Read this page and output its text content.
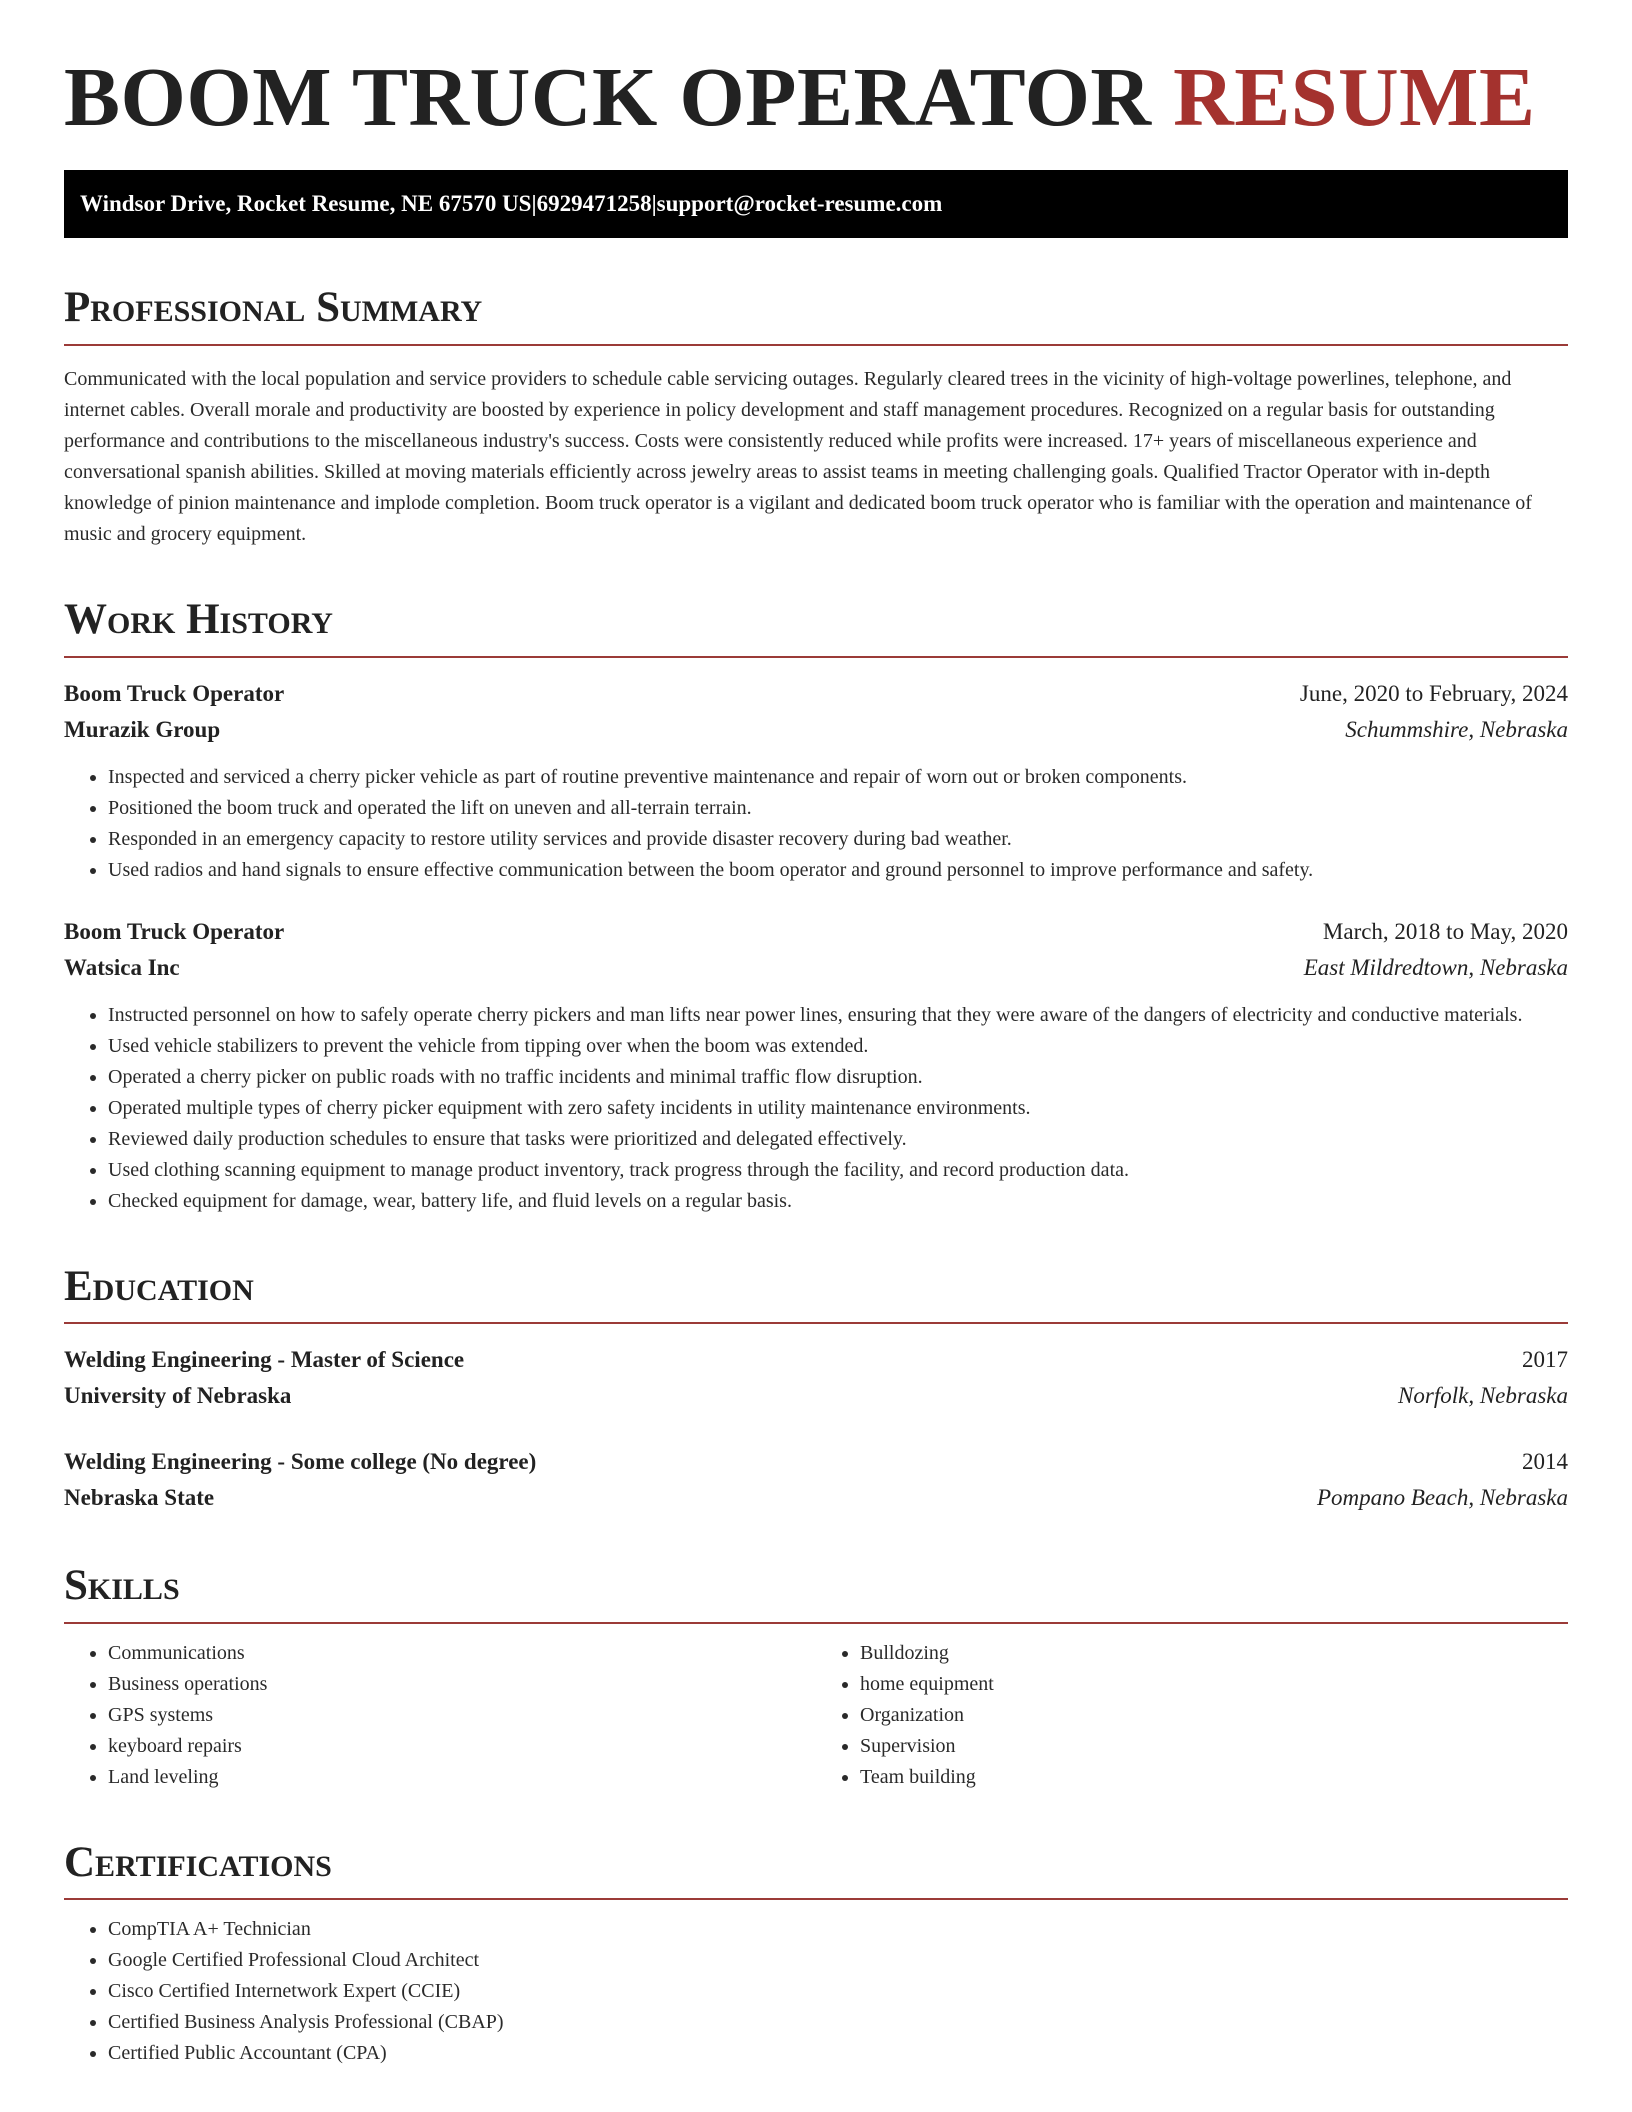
BOOM TRUCK OPERATOR RESUME
Windsor Drive, Rocket Resume, NE 67570 US | 6929471258 | support@rocket-resume.com
Professional Summary

Communicated with the local population and service providers to schedule cable servicing outages. Regularly cleared trees in the vicinity of high-voltage powerlines, telephone, and internet cables. Overall morale and productivity are boosted by experience in policy development and staff management procedures. Recognized on a regular basis for outstanding performance and contributions to the miscellaneous industry's success. Costs were consistently reduced while profits were increased. 17+ years of miscellaneous experience and conversational spanish abilities. Skilled at moving materials efficiently across jewelry areas to assist teams in meeting challenging goals. Qualified Tractor Operator with in-depth knowledge of pinion maintenance and implode completion. Boom truck operator is a vigilant and dedicated boom truck operator who is familiar with the operation and maintenance of music and grocery equipment.

Work History
Boom Truck Operator	June, 2020 to February, 2024
Murazik Group	Schummshire, Nebraska
• Inspected and serviced a cherry picker vehicle as part of routine preventive maintenance and repair of worn out or broken components.
• Positioned the boom truck and operated the lift on uneven and all-terrain terrain.
• Responded in an emergency capacity to restore utility services and provide disaster recovery during bad weather.
• Used radios and hand signals to ensure effective communication between the boom operator and ground personnel to improve performance and safety.
Boom Truck Operator	March, 2018 to May, 2020
Watsica Inc	East Mildredtown, Nebraska
• Instructed personnel on how to safely operate cherry pickers and man lifts near power lines, ensuring that they were aware of the dangers of electricity and conductive materials.
• Used vehicle stabilizers to prevent the vehicle from tipping over when the boom was extended.
• Operated a cherry picker on public roads with no traffic incidents and minimal traffic flow disruption.
• Operated multiple types of cherry picker equipment with zero safety incidents in utility maintenance environments.
• Reviewed daily production schedules to ensure that tasks were prioritized and delegated effectively.
• Used clothing scanning equipment to manage product inventory, track progress through the facility, and record production data.
• Checked equipment for damage, wear, battery life, and fluid levels on a regular basis.
Education
Welding Engineering - Master of Science	2017
University of Nebraska	Norfolk, Nebraska
Welding Engineering - Some college (No degree)	2014
Nebraska State	Pompano Beach, Nebraska
Skills
• Communications
• Business operations
• GPS systems
• keyboard repairs
• Land leveling
• Bulldozing
• home equipment
• Organization
• Supervision
• Team building
Certifications
• CompTIA A+ Technician
• Google Certified Professional Cloud Architect
• Cisco Certified Internetwork Expert (CCIE)
• Certified Business Analysis Professional (CBAP)
• Certified Public Accountant (CPA)
